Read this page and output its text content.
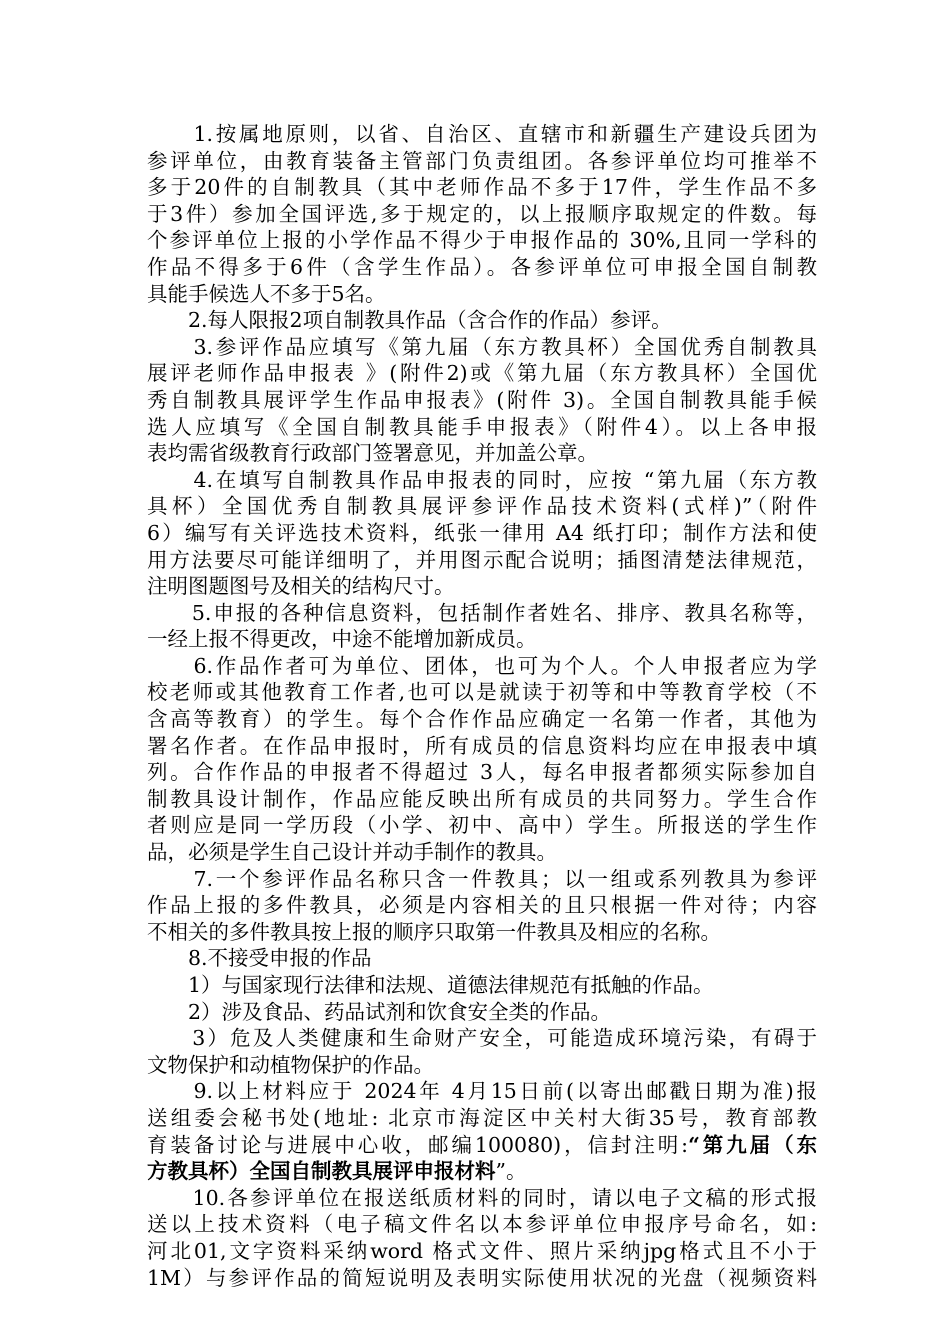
　　1.按属地原则，以省、自治区、直辖市和新疆生产建设兵团为
参评单位，由教育装备主管部门负责组团。各参评单位均可推举不
多于20件的自制教具（其中老师作品不多于17件，学生作品不多
于3件）参加全国评选,多于规定的，以上报顺序取规定的件数。每
个参评单位上报的小学作品不得少于申报作品的 30%,且同一学科的
作品不得多于6件（含学生作品）。各参评单位可申报全国自制教
具能手候选人不多于5名。
　　2.每人限报2项自制教具作品（含合作的作品）参评。
　　3.参评作品应填写《第九届（东方教具杯）全国优秀自制教具
展评老师作品申报表 》(附件2)或《第九届（东方教具杯）全国优
秀自制教具展评学生作品申报表》(附件 3)。全国自制教具能手候
选人应填写《全国自制教具能手申报表》（附件4）。以上各申报
表均需省级教育行政部门签署意见，并加盖公章。
　　4.在填写自制教具作品申报表的同时，应按 “第九届（东方教
具杯）全国优秀自制教具展评参评作品技术资料(式样)”（附件
6）编写有关评选技术资料，纸张一律用 A4 纸打印；制作方法和使
用方法要尽可能详细明了，并用图示配合说明；插图清楚法律规范，
注明图题图号及相关的结构尺寸。
　　5.申报的各种信息资料，包括制作者姓名、排序、教具名称等，
一经上报不得更改，中途不能增加新成员。
　　6.作品作者可为单位、团体，也可为个人。个人申报者应为学
校老师或其他教育工作者,也可以是就读于初等和中等教育学校（不
含高等教育）的学生。每个合作作品应确定一名第一作者，其他为
署名作者。在作品申报时，所有成员的信息资料均应在申报表中填
列。合作作品的申报者不得超过 3人，每名申报者都须实际参加自
制教具设计制作，作品应能反映出所有成员的共同努力。学生合作
者则应是同一学历段（小学、初中、高中）学生。所报送的学生作
品，必须是学生自己设计并动手制作的教具。
　　7.一个参评作品名称只含一件教具；以一组或系列教具为参评
作品上报的多件教具，必须是内容相关的且只根据一件对待；内容
不相关的多件教具按上报的顺序只取第一件教具及相应的名称。
　　8.不接受申报的作品
　　1）与国家现行法律和法规、道德法律规范有抵触的作品。
　　2）涉及食品、药品试剂和饮食安全类的作品。
　　3）危及人类健康和生命财产安全，可能造成环境污染，有碍于
文物保护和动植物保护的作品。
　　9.以上材料应于 2024年 4月15日前(以寄出邮戳日期为准)报
送组委会秘书处(地址: 北京市海淀区中关村大街35号，教育部教
育装备讨论与进展中心收，邮编100080)，信封注明:“第九届（东
方教具杯）全国自制教具展评申报材料”。
　　10.各参评单位在报送纸质材料的同时，请以电子文稿的形式报
送以上技术资料（电子稿文件名以本参评单位申报序号命名，如:
河北01,文字资料采纳word 格式文件、照片采纳jpg格式且不小于
1M）与参评作品的简短说明及表明实际使用状况的光盘（视频资料
